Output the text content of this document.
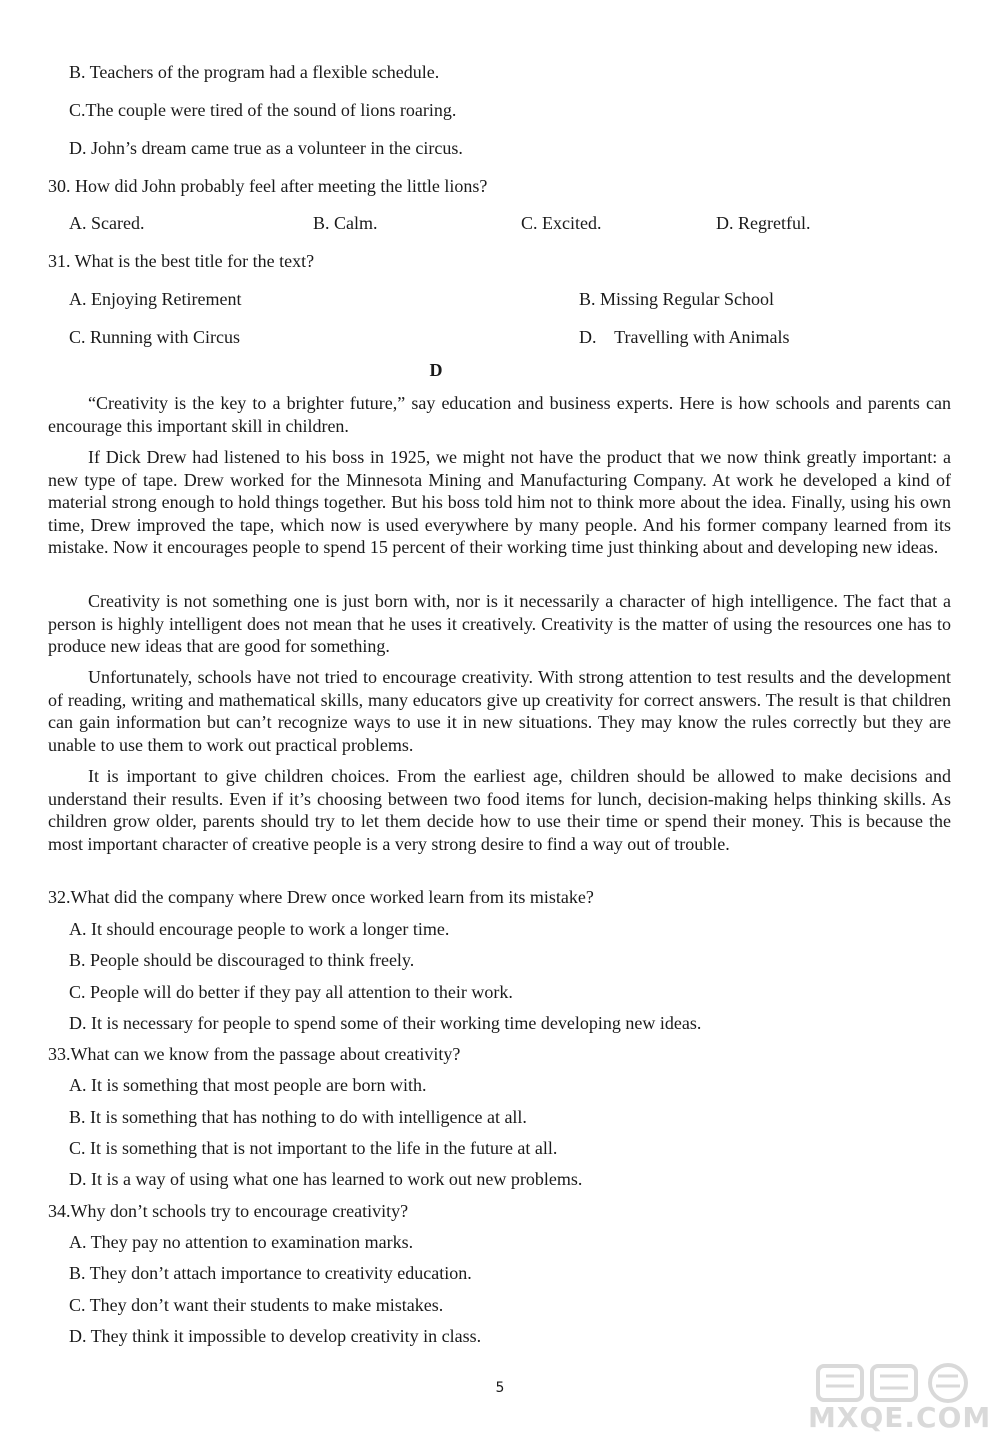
B. Teachers of the program had a flexible schedule.
C.The couple were tired of the sound of lions roaring.
D. John’s dream came true as a volunteer in the circus.
30. How did John probably feel after meeting the little lions?
A. Scared.	B. Calm.	C. Excited.	D. Regretful.
31. What is the best title for the text?
A. Enjoying Retirement	B. Missing Regular School
C. Running with Circus	D.    Travelling with Animals
D

“Creativity is the key to a brighter future,” say education and business experts. Here is how schools and parents can encourage this important skill in children.

If Dick Drew had listened to his boss in 1925, we might not have the product that we now think greatly important: a new type of tape. Drew worked for the Minnesota Mining and Manufacturing Company. At work he developed a kind of material strong enough to hold things together. But his boss told him not to think more about the idea. Finally, using his own time, Drew improved the tape, which now is used everywhere by many people. And his former company learned from its mistake. Now it encourages people to spend 15 percent of their working time just thinking about and developing new ideas.

Creativity is not something one is just born with, nor is it necessarily a character of high intelligence. The fact that a person is highly intelligent does not mean that he uses it creatively. Creativity is the matter of using the resources one has to produce new ideas that are good for something.

Unfortunately, schools have not tried to encourage creativity. With strong attention to test results and the development of reading, writing and mathematical skills, many educators give up creativity for correct answers. The result is that children can gain information but can’t recognize ways to use it in new situations. They may know the rules correctly but they are unable to use them to work out practical problems.

It is important to give children choices. From the earliest age, children should be allowed to make decisions and understand their results. Even if it’s choosing between two food items for lunch, decision-making helps thinking skills. As children grow older, parents should try to let them decide how to use their time or spend their money. This is because the most important character of creative people is a very strong desire to find a way out of trouble.

32.What did the company where Drew once worked learn from its mistake?
A. It should encourage people to work a longer time.
B. People should be discouraged to think freely.
C. People will do better if they pay all attention to their work.
D. It is necessary for people to spend some of their working time developing new ideas.
33.What can we know from the passage about creativity?
A. It is something that most people are born with.
B. It is something that has nothing to do with intelligence at all.
C. It is something that is not important to the life in the future at all.
D. It is a way of using what one has learned to work out new problems.
34.Why don’t schools try to encourage creativity?
A. They pay no attention to examination marks.
B. They don’t attach importance to creativity education.
C. They don’t want their students to make mistakes.
D. They think it impossible to develop creativity in class.
5
MXQE.COM
